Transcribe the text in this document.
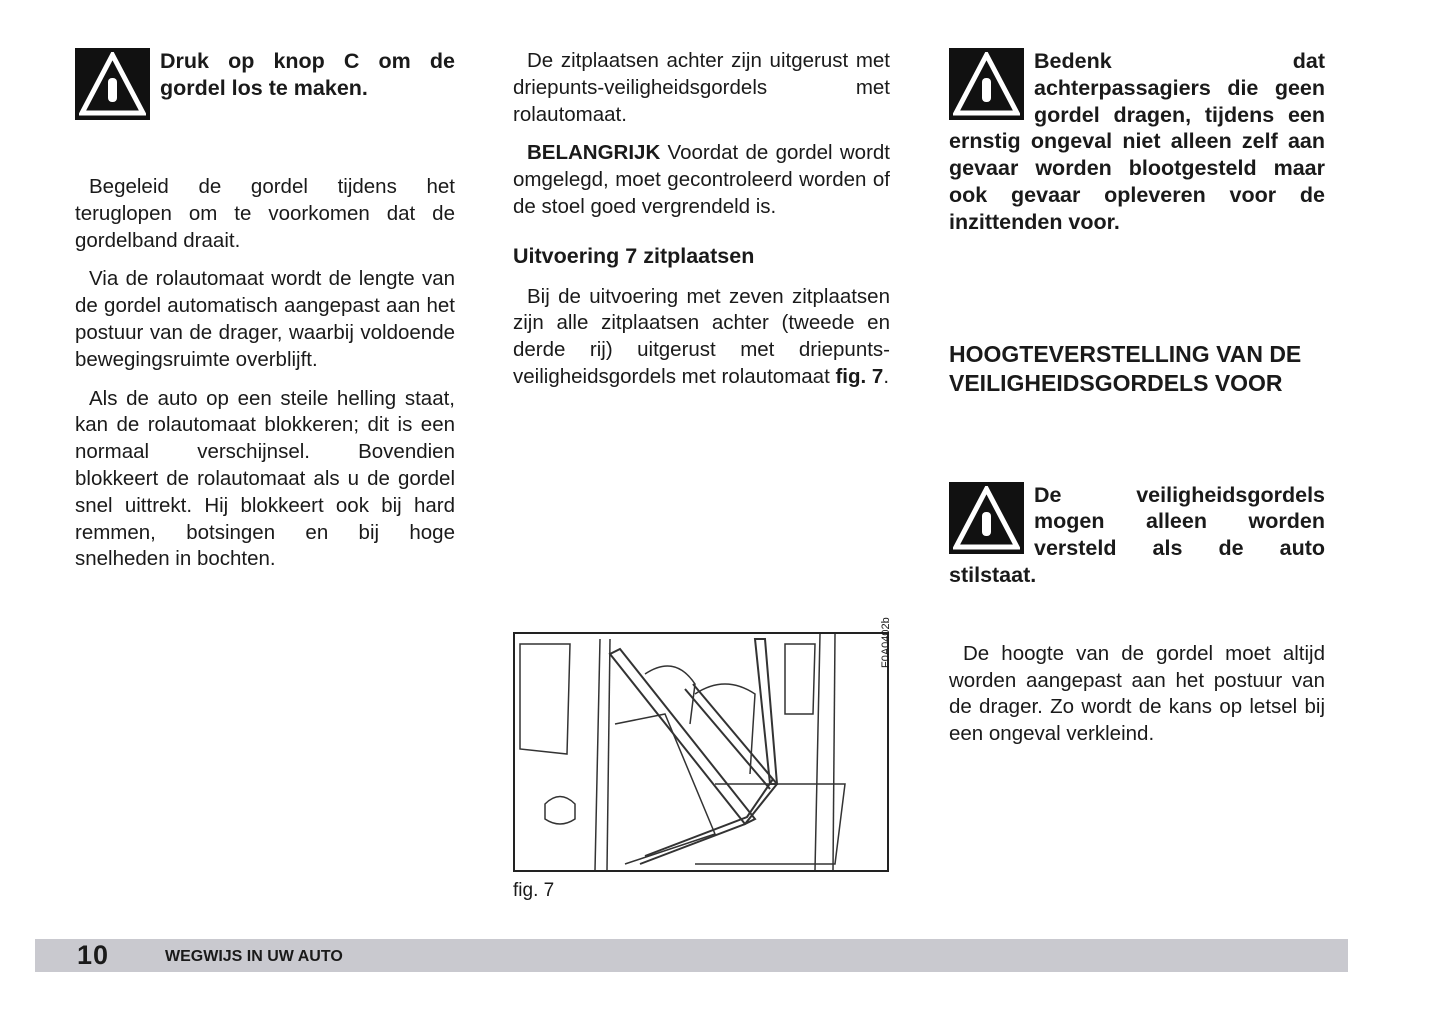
Druk op knop C om de gordel los te maken.

Begeleid de gordel tijdens het teruglopen om te voorkomen dat de gordelband draait.

Via de rolautomaat wordt de lengte van de gordel automatisch aangepast aan het postuur van de drager, waarbij voldoende bewegingsruimte overblijft.

Als de auto op een steile helling staat, kan de rolautomaat blokkeren; dit is een normaal verschijnsel. Bovendien blokkeert de rolautomaat als u de gordel snel uittrekt. Hij blokkeert ook bij hard remmen, botsingen en bij hoge snelheden in bochten.

De zitplaatsen achter zijn uitgerust met driepunts-veiligheidsgordels met rolautomaat.

BELANGRIJK Voordat de gordel wordt omgelegd, moet gecontroleerd worden of de stoel goed vergrendeld is.

Uitvoering 7 zitplaatsen

Bij de uitvoering met zeven zitplaatsen zijn alle zitplaatsen achter (tweede en derde rij) uitgerust met driepunts-veiligheidsgordels met rolautomaat fig. 7.

F0A0402b
fig. 7
Bedenk dat achterpassagiers die geen gordel dragen, tijdens een ernstig ongeval niet alleen zelf aan gevaar worden blootgesteld maar ook gevaar opleveren voor de inzittenden voor.
HOOGTEVERSTELLING VAN DE VEILIGHEIDSGORDELS VOOR
De veiligheidsgordels mogen alleen worden versteld als de auto stilstaat.

De hoogte van de gordel moet altijd worden aangepast aan het postuur van de drager. Zo wordt de kans op letsel bij een ongeval verkleind.

10	WEGWIJS IN UW AUTO
